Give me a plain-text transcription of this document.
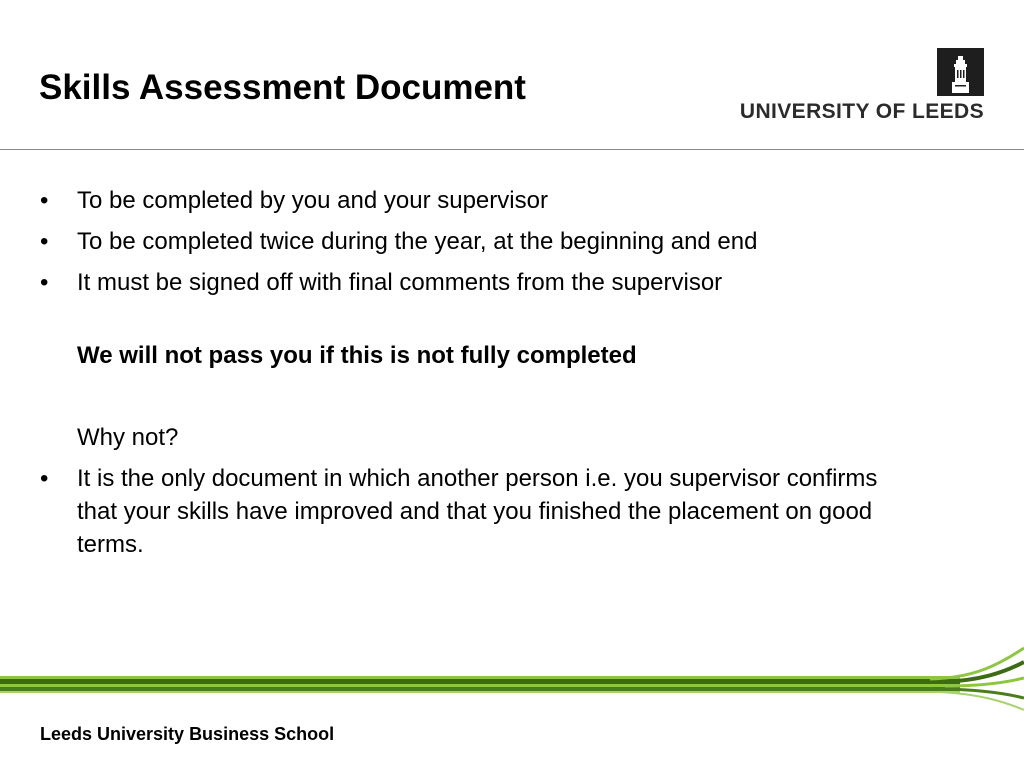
Skills Assessment Document
UNIVERSITY OF LEEDS
• To be completed by you and your supervisor
• To be completed twice during the year, at the beginning and end
• It must be signed off with final comments from the supervisor

We will not pass you if this is not fully completed

Why not?

• It is the only document in which another person i.e. you supervisor confirms that your skills have improved and that you finished the placement on good terms.
Leeds University Business School
